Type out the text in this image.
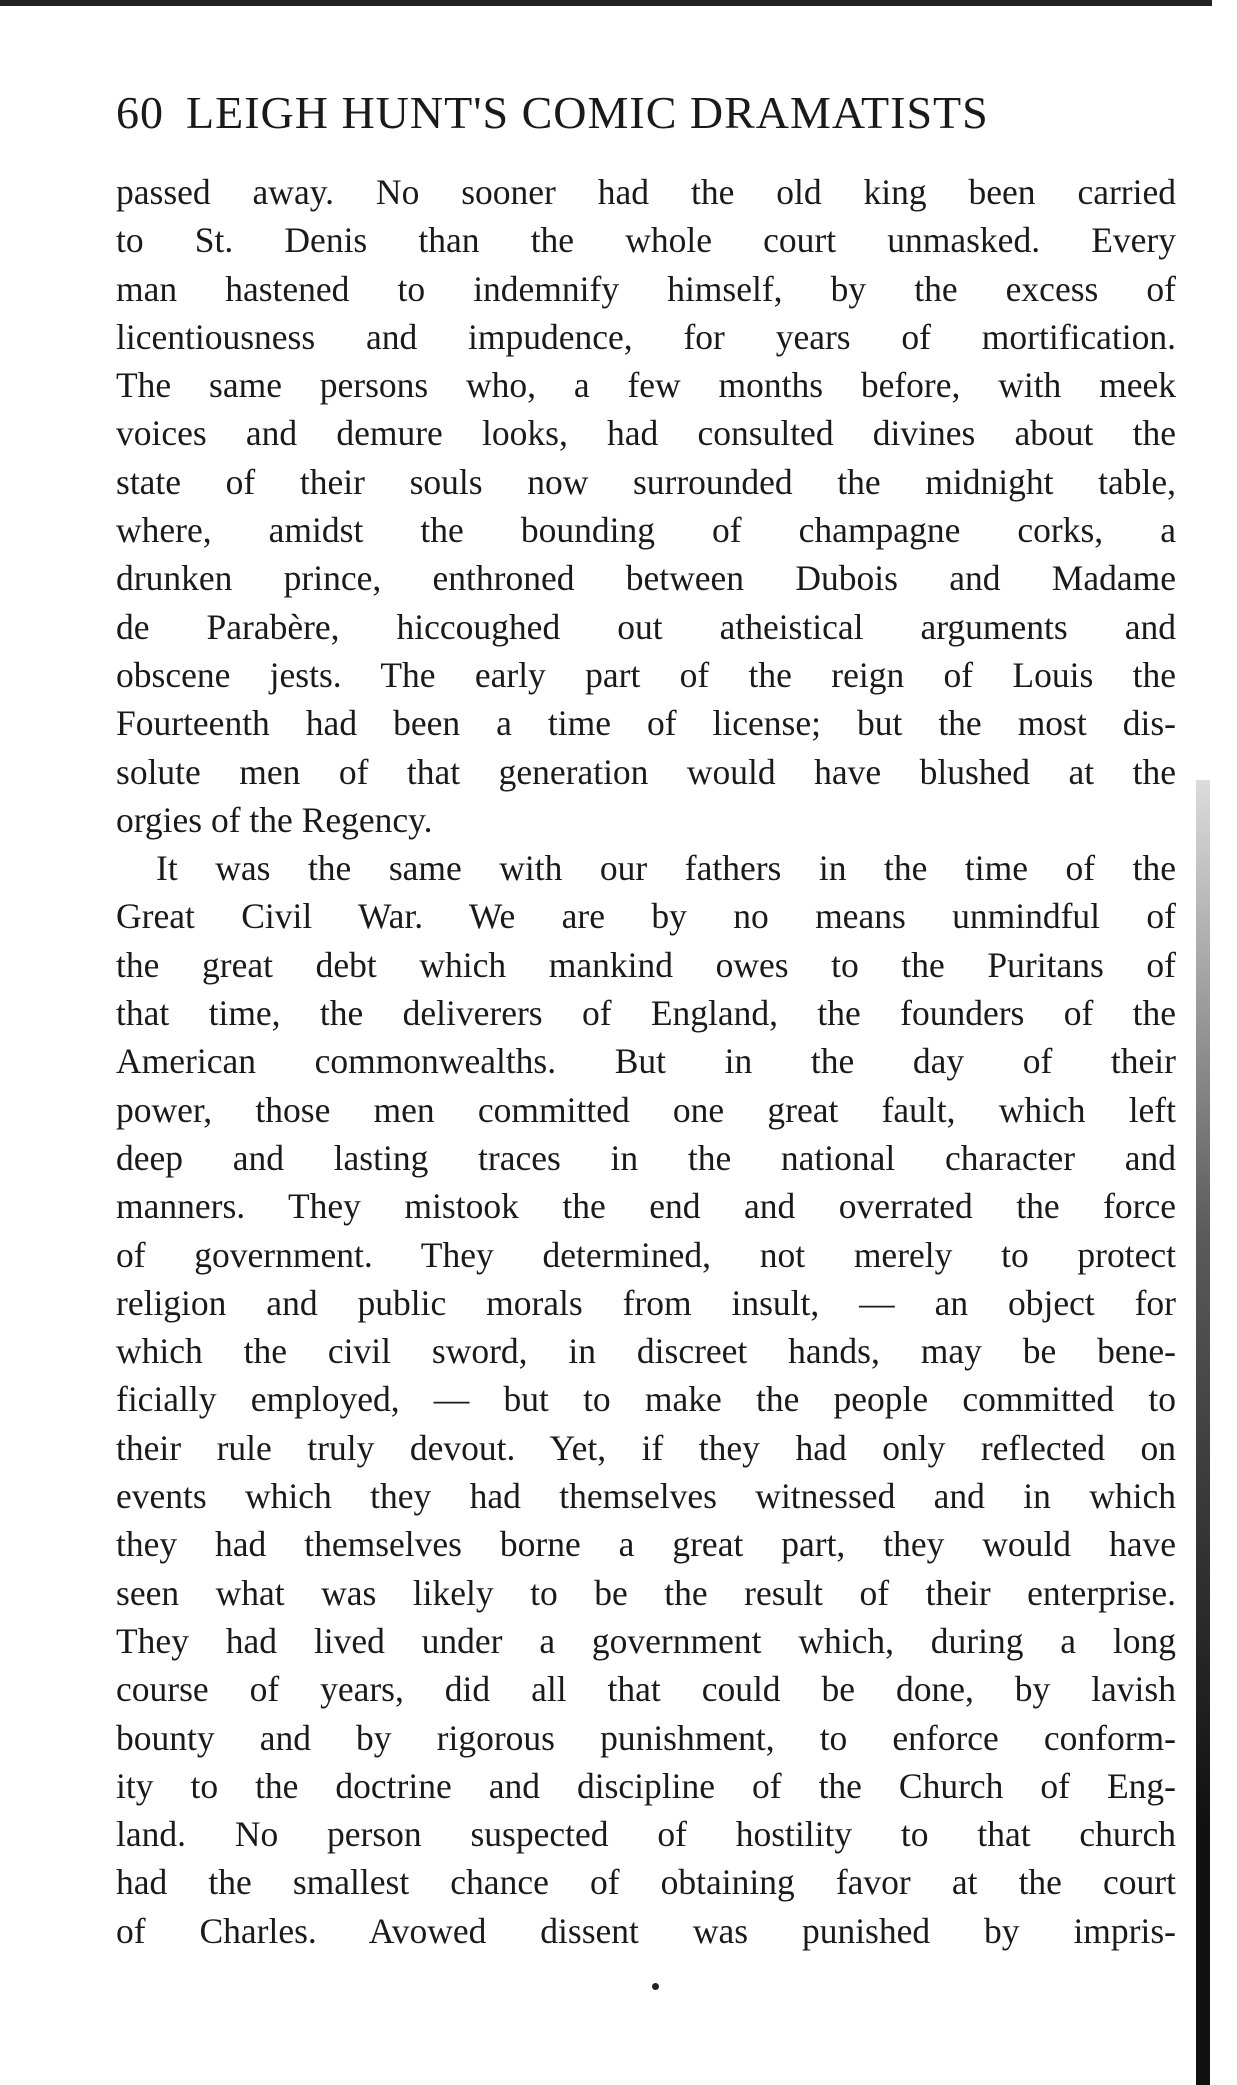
60 LEIGH HUNT'S COMIC DRAMATISTS
passed away. No sooner had the old king been carried
to St. Denis than the whole court unmasked. Every
man hastened to indemnify himself, by the excess of
licentiousness and impudence, for years of mortification.
The same persons who, a few months before, with meek
voices and demure looks, had consulted divines about the
state of their souls now surrounded the midnight table,
where, amidst the bounding of champagne corks, a
drunken prince, enthroned between Dubois and Madame
de Parabère, hiccoughed out atheistical arguments and
obscene jests. The early part of the reign of Louis the
Fourteenth had been a time of license; but the most dis-
solute men of that generation would have blushed at the
orgies of the Regency.
It was the same with our fathers in the time of the
Great Civil War. We are by no means unmindful of
the great debt which mankind owes to the Puritans of
that time, the deliverers of England, the founders of the
American commonwealths. But in the day of their
power, those men committed one great fault, which left
deep and lasting traces in the national character and
manners. They mistook the end and overrated the force
of government. They determined, not merely to protect
religion and public morals from insult, — an object for
which the civil sword, in discreet hands, may be bene-
ficially employed, — but to make the people committed to
their rule truly devout. Yet, if they had only reflected on
events which they had themselves witnessed and in which
they had themselves borne a great part, they would have
seen what was likely to be the result of their enterprise.
They had lived under a government which, during a long
course of years, did all that could be done, by lavish
bounty and by rigorous punishment, to enforce conform-
ity to the doctrine and discipline of the Church of Eng-
land. No person suspected of hostility to that church
had the smallest chance of obtaining favor at the court
of Charles. Avowed dissent was punished by impris-
